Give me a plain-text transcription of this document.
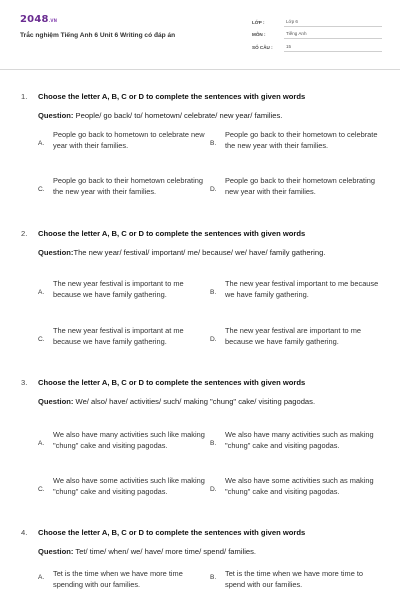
2048.VN
Trắc nghiệm Tiếng Anh 6 Unit 6 Writing có đáp án
LỚP :	Lớp 6
MÔN :	Tiếng Anh
SỐ CÂU :	15
1.	Choose the letter A, B, C or D to complete the sentences with given words
Question: People/ go back/ to/ hometown/ celebrate/ new year/ families.
A.
People go back to hometown to celebrate new year with their families.	B.
People go back to their hometown to celebrate the new year with their families.
C.
People go back to their hometown celebrating the new year with their families.	D.
People go back to their hometown celebrating new year with their families.
2.	Choose the letter A, B, C or D to complete the sentences with given words
Question:The new year/ festival/ important/ me/ because/ we/ have/ family gathering.
A.
The new year festival is important to me because we have family gathering.	B.
The new year festival important to me because we have family gathering.
C.
The new year festival is important at me because we have family gathering.	D.
The new year festival are important to me because we have family gathering.
3.	Choose the letter A, B, C or D to complete the sentences with given words
Question: We/ also/ have/ activities/ such/ making "chung" cake/ visiting pagodas.
A.
We also have many activities such like making "chung" cake and visiting pagodas.	B.
We also have many activities such as making "chung" cake and visiting pagodas.
C.
We also have some activities such like making "chung" cake and visiting pagodas.	D.
We also have some activities such as making "chung" cake and visiting pagodas.
4.	Choose the letter A, B, C or D to complete the sentences with given words
Question: Tet/ time/ when/ we/ have/ more time/ spend/ families.
A.	Tet is the time when we have more time spending with our families.
B.	Tet is the time when we have more time to spend with our families.
